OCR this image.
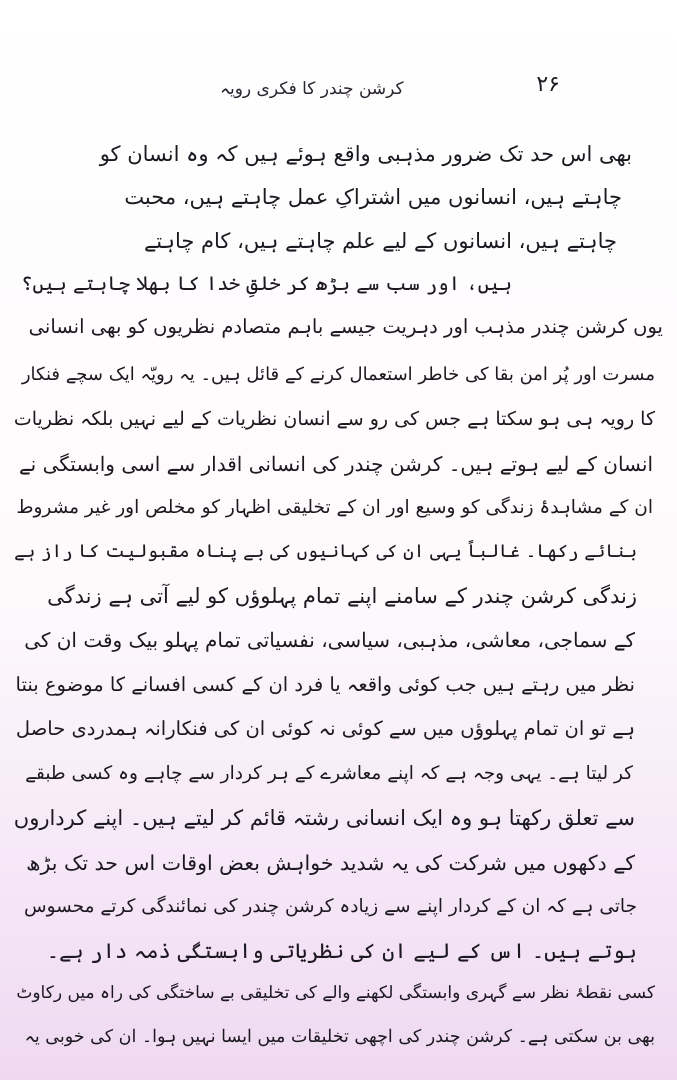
کرشن چندر کا فکری رویہ	۲۶
بھی اس حد تک ضرور مذہبی واقع ہوئے ہیں کہ وہ انسان کو
چاہتے ہیں، انسانوں میں اشتراکِ عمل چاہتے ہیں، محبت
چاہتے ہیں، انسانوں کے لیے علم چاہتے ہیں، کام چاہتے
ہیں، اور سب سے بڑھ کر خلقِ خدا کا بھلا چاہتے ہیں؟
یوں کرشن چندر مذہب اور دہریت جیسے باہم متصادم نظریوں کو بھی انسانی
مسرت اور پُر امن بقا کی خاطر استعمال کرنے کے قائل ہیں۔ یہ رویّہ ایک سچے فنکار
کا رویہ ہی ہو سکتا ہے جس کی رو سے انسان نظریات کے لیے نہیں بلکہ نظریات
انسان کے لیے ہوتے ہیں۔ کرشن چندر کی انسانی اقدار سے اسی وابستگی نے
ان کے مشاہدۂ زندگی کو وسیع اور ان کے تخلیقی اظہار کو مخلص اور غیر مشروط
بنائے رکھا۔ غالباً یہی ان کی کہانیوں کی بے پناہ مقبولیت کا راز ہے
زندگی کرشن چندر کے سامنے اپنے تمام پہلوؤں کو لیے آتی ہے زندگی
کے سماجی، معاشی، مذہبی، سیاسی، نفسیاتی تمام پہلو بیک وقت ان کی
نظر میں رہتے ہیں جب کوئی واقعہ یا فرد ان کے کسی افسانے کا موضوع بنتا
ہے تو ان تمام پہلوؤں میں سے کوئی نہ کوئی ان کی فنکارانہ ہمدردی حاصل
کر لیتا ہے۔ یہی وجہ ہے کہ اپنے معاشرے کے ہر کردار سے چاہے وہ کسی طبقے
سے تعلق رکھتا ہو وہ ایک انسانی رشتہ قائم کر لیتے ہیں۔ اپنے کرداروں
کے دکھوں میں شرکت کی یہ شدید خواہش بعض اوقات اس حد تک بڑھ
جاتی ہے کہ ان کے کردار اپنے سے زیادہ کرشن چندر کی نمائندگی کرتے محسوس
ہوتے ہیں۔ اس کے لیے ان کی نظریاتی وابستگی ذمہ دار ہے۔
کسی نقطۂ نظر سے گہری وابستگی لکھنے والے کی تخلیقی بے ساختگی کی راہ میں رکاوٹ
بھی بن سکتی ہے۔ کرشن چندر کی اچھی تخلیقات میں ایسا نہیں ہوا۔ ان کی خوبی یہ
